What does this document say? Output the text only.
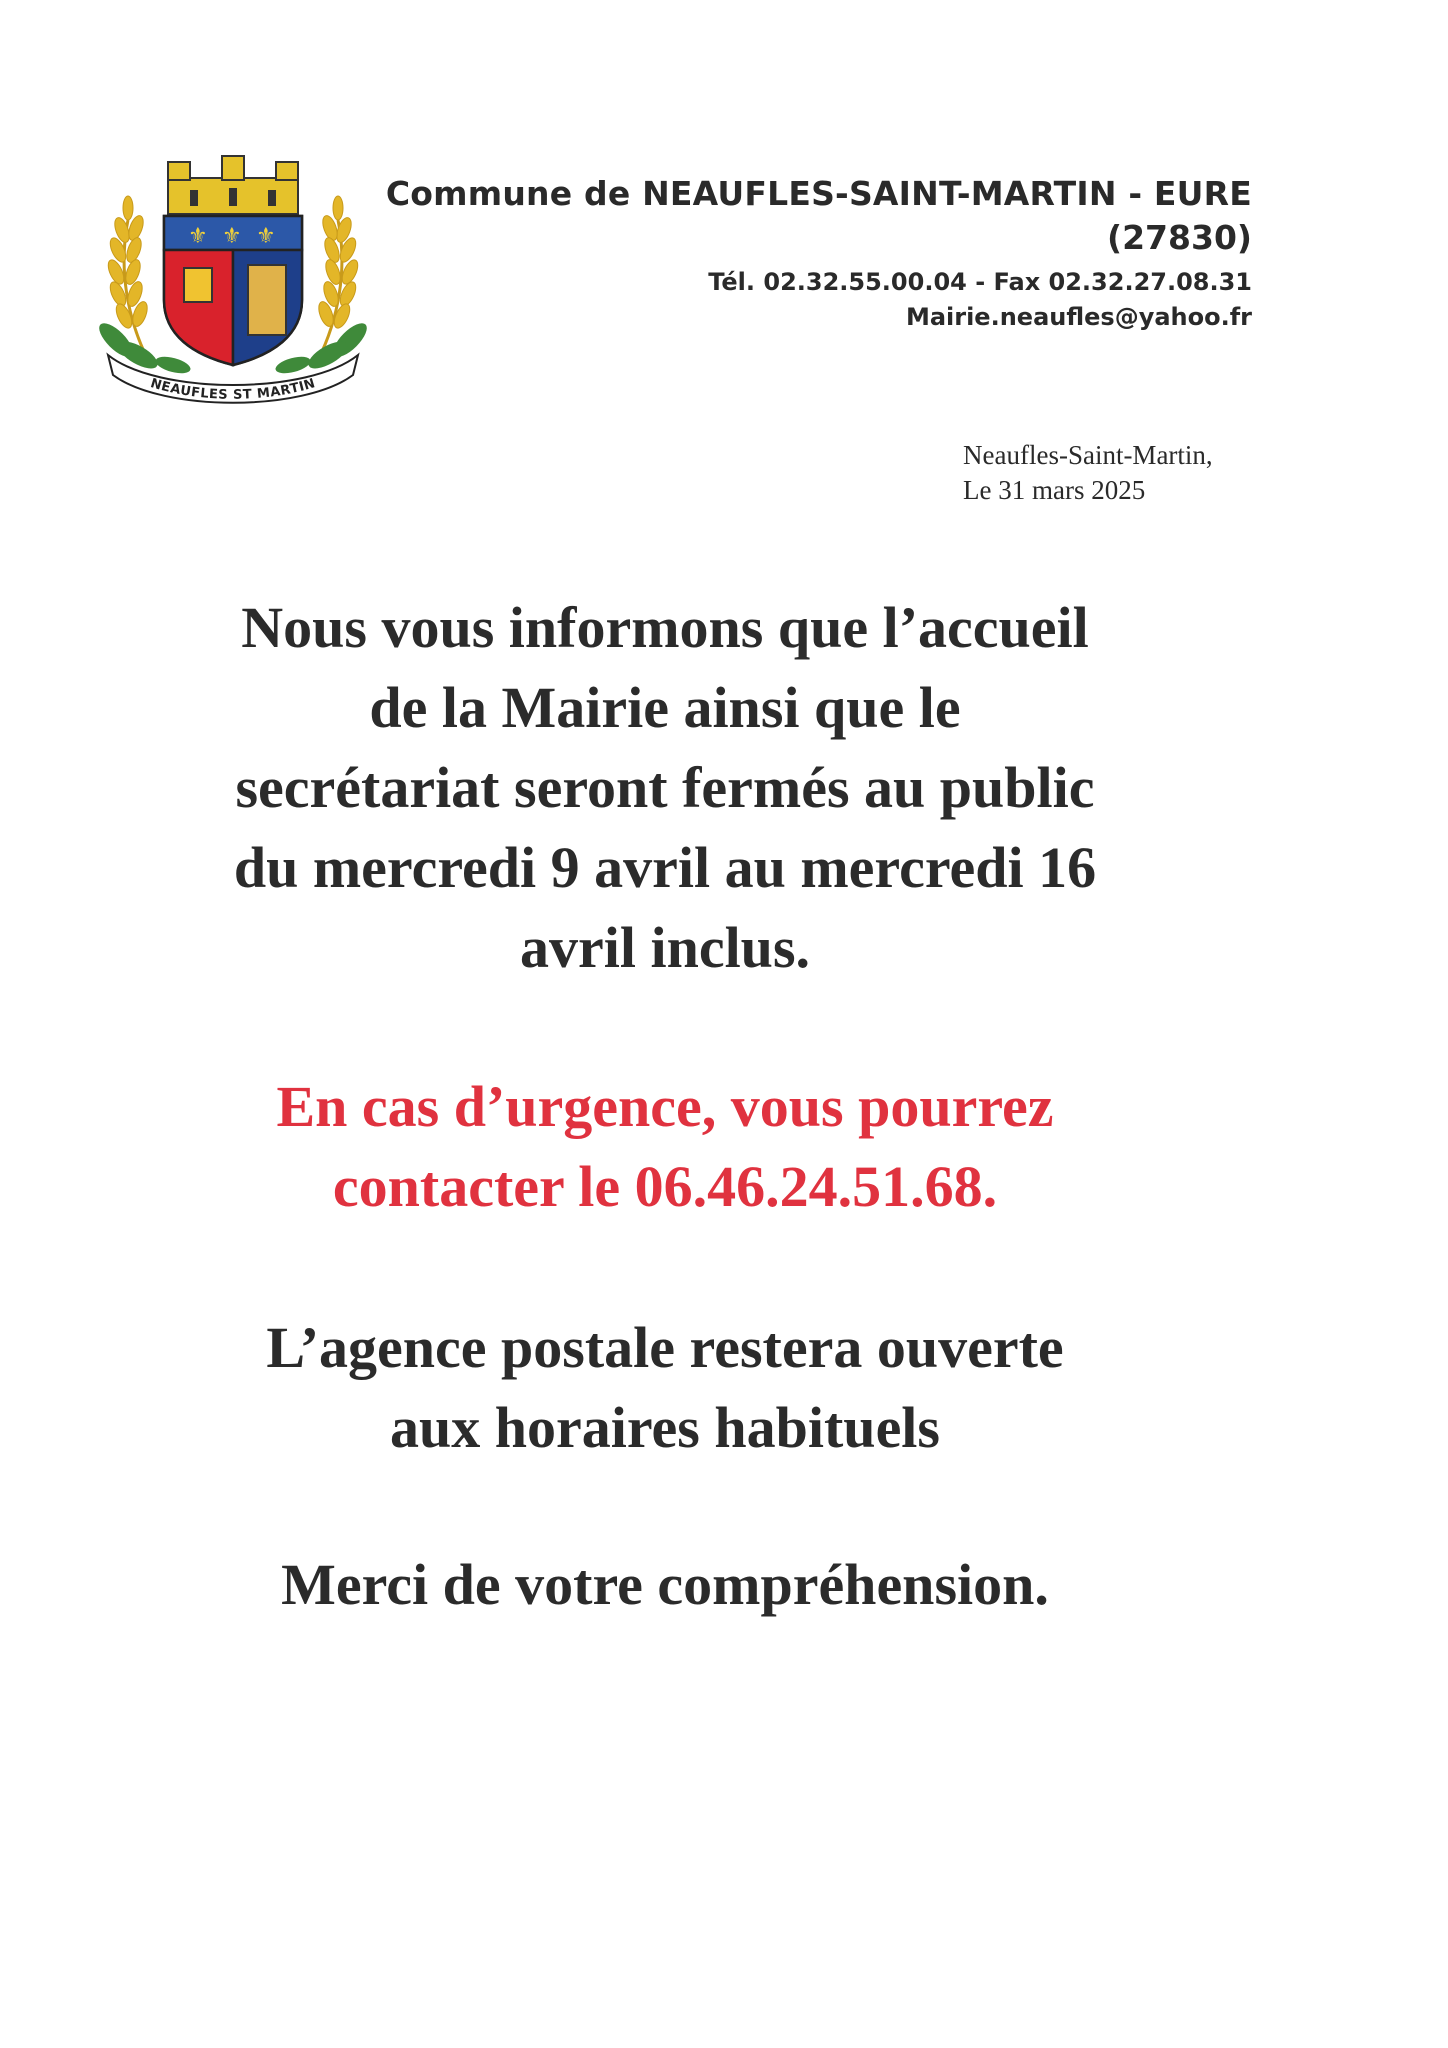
⚜ ⚜ ⚜
NEAUFLES ST MARTIN
Commune de NEAUFLES-SAINT-MARTIN - EURE
(27830)
Tél. 02.32.55.00.04 - Fax 02.32.27.08.31
Mairie.neaufles@yahoo.fr
Neaufles-Saint-Martin,
Le 31 mars 2025
Nous vous informons que l’accueil
de la Mairie ainsi que le
secrétariat seront fermés au public
du mercredi 9 avril au mercredi 16
avril inclus.
En cas d’urgence, vous pourrez
contacter le 06.46.24.51.68.
L’agence postale restera ouverte
aux horaires habituels
Merci de votre compréhension.
